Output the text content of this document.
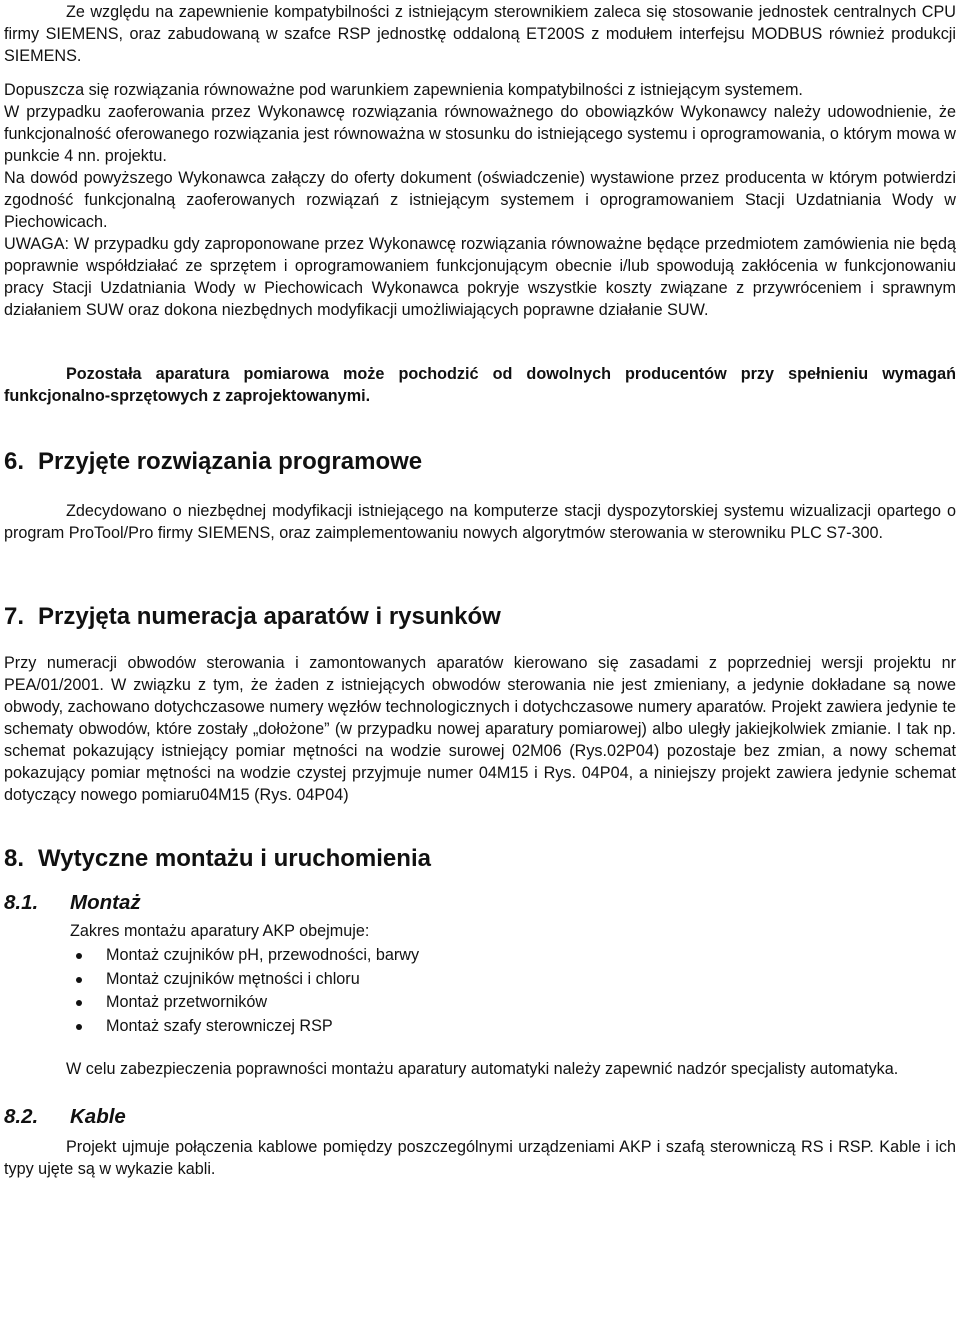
Ze względu na zapewnienie kompatybilności z istniejącym sterownikiem zaleca się stosowanie jednostek centralnych CPU firmy SIEMENS, oraz zabudowaną w szafce RSP jednostkę oddaloną ET200S z modułem interfejsu MODBUS również produkcji SIEMENS.

Dopuszcza się rozwiązania równoważne pod warunkiem zapewnienia kompatybilności z istniejącym systemem.

W przypadku zaoferowania przez Wykonawcę rozwiązania równoważnego do obowiązków Wykonawcy należy udowodnienie, że funkcjonalność oferowanego rozwiązania jest równoważna w stosunku do istniejącego systemu i oprogramowania, o którym mowa w punkcie 4 nn. projektu.

Na dowód powyższego Wykonawca załączy do oferty dokument (oświadczenie) wystawione przez producenta w którym potwierdzi zgodność funkcjonalną zaoferowanych rozwiązań z istniejącym systemem i oprogramowaniem Stacji Uzdatniania Wody w Piechowicach.

UWAGA: W przypadku gdy zaproponowane przez Wykonawcę rozwiązania równoważne będące przedmiotem zamówienia nie będą poprawnie współdziałać ze sprzętem i oprogramowaniem funkcjonującym obecnie i/lub spowodują zakłócenia w funkcjonowaniu pracy Stacji Uzdatniania Wody w Piechowicach Wykonawca pokryje wszystkie koszty związane z przywróceniem i sprawnym działaniem SUW oraz dokona niezbędnych modyfikacji umożliwiających poprawne działanie SUW.

Pozostała aparatura pomiarowa może pochodzić od dowolnych producentów przy spełnieniu wymagań funkcjonalno-sprzętowych z zaprojektowanymi.

6. Przyjęte rozwiązania programowe

Zdecydowano o niezbędnej modyfikacji istniejącego na komputerze stacji dyspozytorskiej systemu wizualizacji opartego o program ProTool/Pro firmy SIEMENS, oraz zaimplementowaniu nowych algorytmów sterowania w sterowniku PLC S7-300.

7. Przyjęta numeracja aparatów i rysunków

Przy numeracji obwodów sterowania i zamontowanych aparatów kierowano się zasadami z poprzedniej wersji projektu nr PEA/01/2001. W związku z tym, że żaden z istniejących obwodów sterowania nie jest zmieniany, a jedynie dokładane są nowe obwody, zachowano dotychczasowe numery węzłów technologicznych i dotychczasowe numery aparatów. Projekt zawiera jedynie te schematy obwodów, które zostały „dołożone” (w przypadku nowej aparatury pomiarowej) albo uległy jakiejkolwiek zmianie. I tak np. schemat pokazujący istniejący pomiar mętności na wodzie surowej 02M06 (Rys.02P04) pozostaje bez zmian, a nowy schemat pokazujący pomiar mętności na wodzie czystej przyjmuje numer 04M15 i Rys. 04P04, a niniejszy projekt zawiera jedynie schemat dotyczący nowego pomiaru04M15 (Rys. 04P04)

8. Wytyczne montażu i uruchomienia
8.1. Montaż

Zakres montażu aparatury AKP obejmuje:

Montaż czujników pH, przewodności, barwy
Montaż czujników mętności i chloru
Montaż przetworników
Montaż szafy sterowniczej RSP

W celu zabezpieczenia poprawności montażu aparatury automatyki należy zapewnić nadzór specjalisty automatyka.

8.2. Kable

Projekt ujmuje połączenia kablowe pomiędzy poszczególnymi urządzeniami AKP i szafą sterowniczą RS i RSP. Kable i ich typy ujęte są w wykazie kabli.
